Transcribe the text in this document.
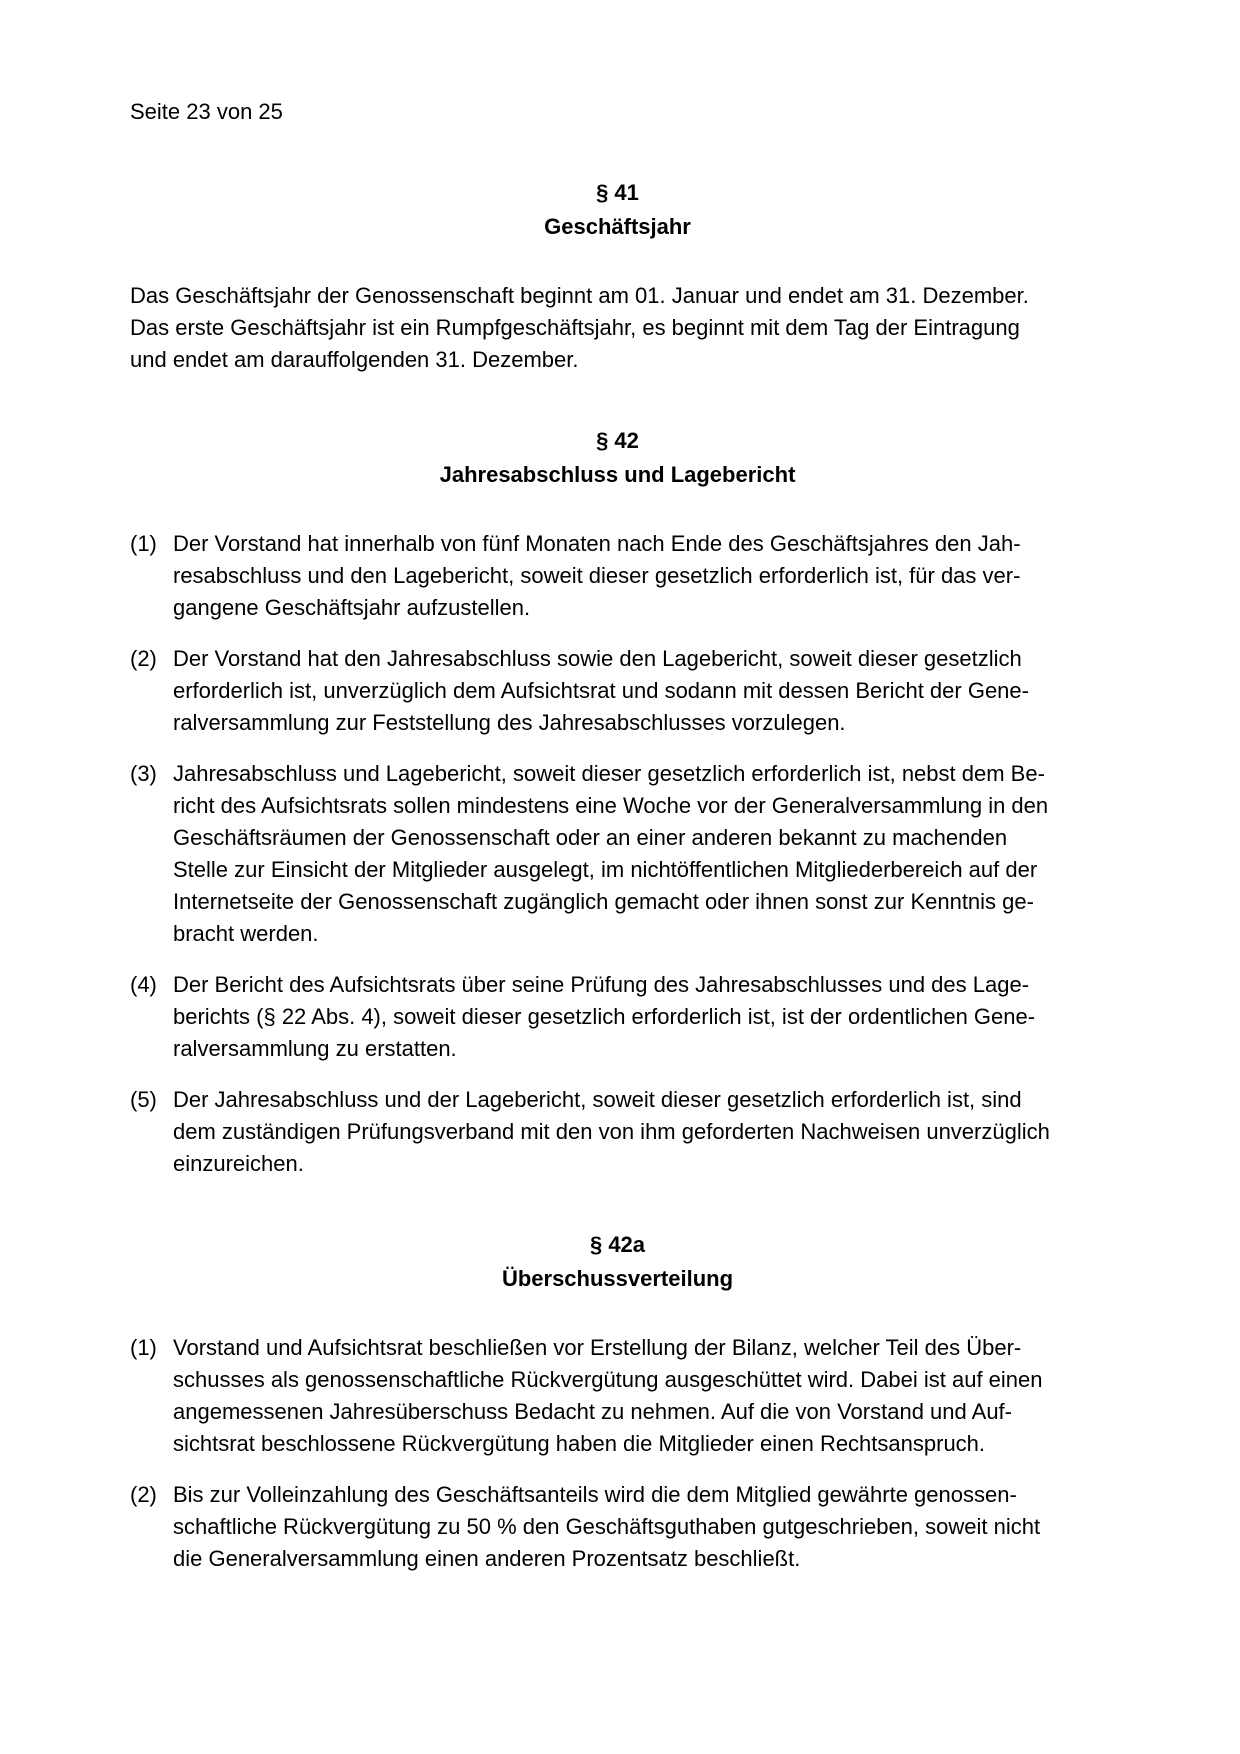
Seite 23 von 25
§ 41
Geschäftsjahr

Das Geschäftsjahr der Genossenschaft beginnt am 01. Januar und endet am 31. Dezember.
Das erste Geschäftsjahr ist ein Rumpfgeschäftsjahr, es beginnt mit dem Tag der Eintragung
und endet am darauffolgenden 31. Dezember.

§ 42
Jahresabschluss und Lagebericht
(1) Der Vorstand hat innerhalb von fünf Monaten nach Ende des Geschäftsjahres den Jah-
resabschluss und den Lagebericht, soweit dieser gesetzlich erforderlich ist, für das ver-
gangene Geschäftsjahr aufzustellen.
(2) Der Vorstand hat den Jahresabschluss sowie den Lagebericht, soweit dieser gesetzlich
erforderlich ist, unverzüglich dem Aufsichtsrat und sodann mit dessen Bericht der Gene-
ralversammlung zur Feststellung des Jahresabschlusses vorzulegen.
(3) Jahresabschluss und Lagebericht, soweit dieser gesetzlich erforderlich ist, nebst dem Be-
richt des Aufsichtsrats sollen mindestens eine Woche vor der Generalversammlung in den
Geschäftsräumen der Genossenschaft oder an einer anderen bekannt zu machenden
Stelle zur Einsicht der Mitglieder ausgelegt, im nichtöffentlichen Mitgliederbereich auf der
Internetseite der Genossenschaft zugänglich gemacht oder ihnen sonst zur Kenntnis ge-
bracht werden.
(4) Der Bericht des Aufsichtsrats über seine Prüfung des Jahresabschlusses und des Lage-
berichts (§ 22 Abs. 4), soweit dieser gesetzlich erforderlich ist, ist der ordentlichen Gene-
ralversammlung zu erstatten.
(5) Der Jahresabschluss und der Lagebericht, soweit dieser gesetzlich erforderlich ist, sind
dem zuständigen Prüfungsverband mit den von ihm geforderten Nachweisen unverzüglich
einzureichen.
§ 42a
Überschussverteilung
(1) Vorstand und Aufsichtsrat beschließen vor Erstellung der Bilanz, welcher Teil des Über-
schusses als genossenschaftliche Rückvergütung ausgeschüttet wird. Dabei ist auf einen
angemessenen Jahresüberschuss Bedacht zu nehmen. Auf die von Vorstand und Auf-
sichtsrat beschlossene Rückvergütung haben die Mitglieder einen Rechtsanspruch.
(2) Bis zur Volleinzahlung des Geschäftsanteils wird die dem Mitglied gewährte genossen-
schaftliche Rückvergütung zu 50 % den Geschäftsguthaben gutgeschrieben, soweit nicht
die Generalversammlung einen anderen Prozentsatz beschließt.
